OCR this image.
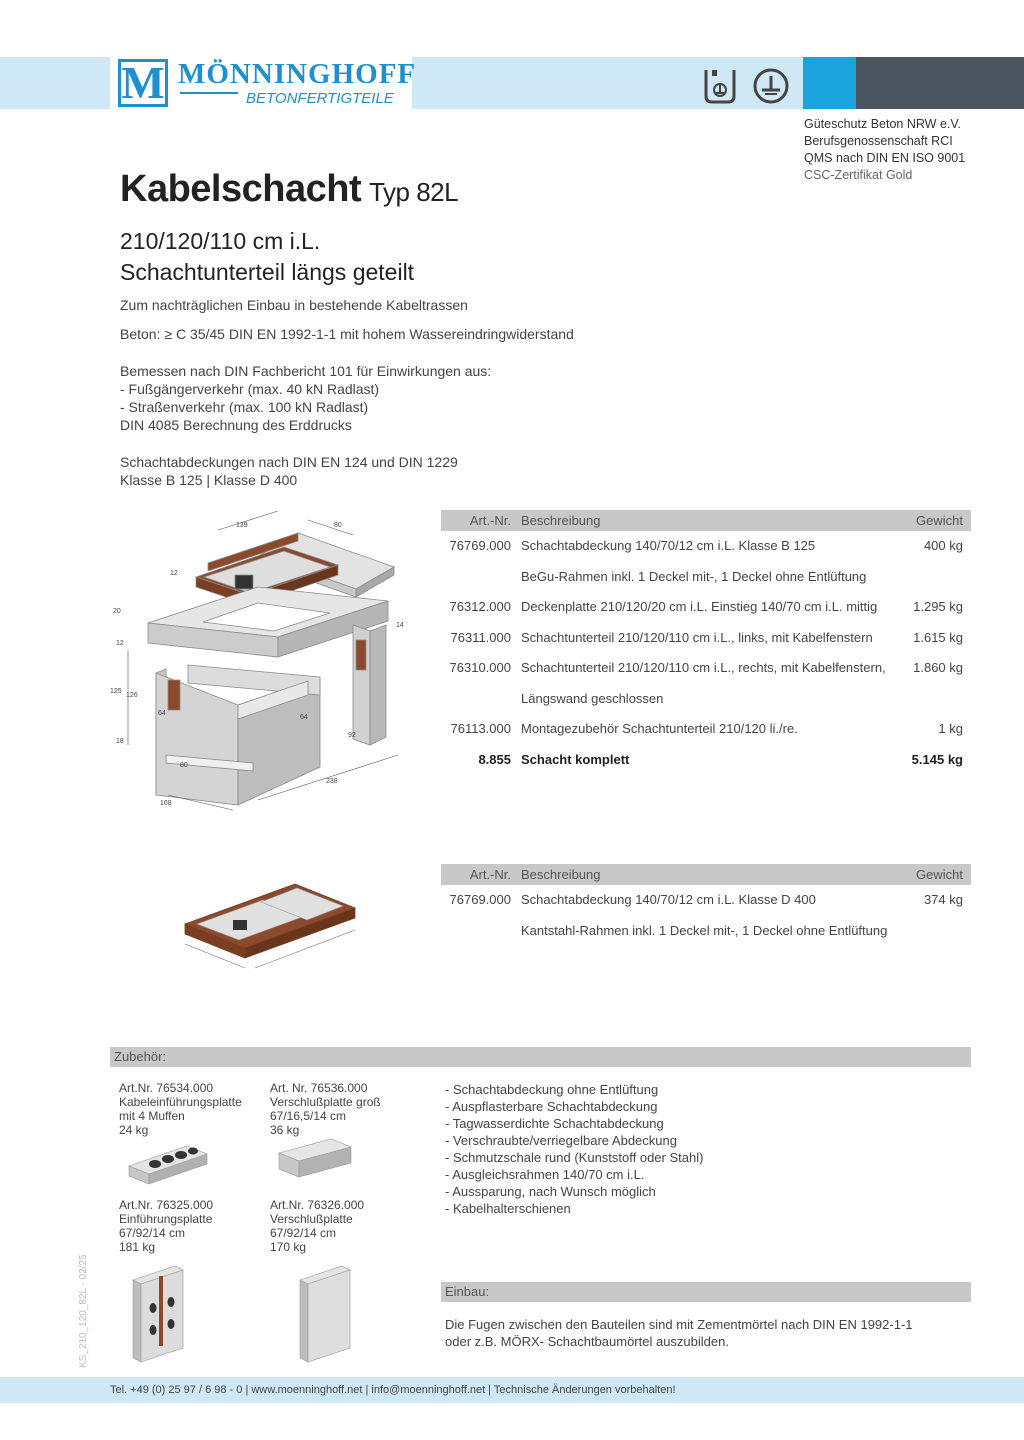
M MÖNNINGHOFF
BETONFERTIGTEILE
Güteschutz Beton NRW e.V.
Berufsgenossenschaft RCI
QMS nach DIN EN ISO 9001
CSC-Zertifikat Gold
Kabelschacht Typ 82L
210/120/110 cm i.L.
Schachtunterteil längs geteilt
Zum nachträglichen Einbau in bestehende Kabeltrassen
Beton: ≥ C 35/45 DIN EN 1992-1-1 mit hohem Wassereindringwiderstand
Bemessen nach DIN Fachbericht 101 für Einwirkungen aus:
- Fußgängerverkehr (max. 40 kN Radlast)
- Straßenverkehr (max. 100 kN Radlast)
DIN 4085 Berechnung des Erddrucks
Schachtabdeckungen nach DIN EN 124 und DIN 1229
Klasse B 125 | Klasse D 400
139	80
12
20
12
14
125
126
64
64
92
18
238
168
80
Art.-Nr. Beschreibung	Gewicht
76769.000 Schachtabdeckung 140/70/12 cm i.L. Klasse B 125	400 kg
BeGu-Rahmen inkl. 1 Deckel mit-, 1 Deckel ohne Entlüftung
76312.000 Deckenplatte 210/120/20 cm i.L. Einstieg 140/70 cm i.L. mittig	1.295 kg
76311.000 Schachtunterteil 210/120/110 cm i.L., links, mit Kabelfenstern	1.615 kg
76310.000 Schachtunterteil 210/120/110 cm i.L., rechts, mit Kabelfenstern, 1.860 kg
Längswand geschlossen
76113.000 Montagezubehör Schachtunterteil 210/120 li./re.	1 kg
8.855 Schacht komplett	5.145 kg
Art.-Nr. Beschreibung	Gewicht
76769.000 Schachtabdeckung 140/70/12 cm i.L. Klasse D 400	374 kg
Kantstahl-Rahmen inkl. 1 Deckel mit-, 1 Deckel ohne Entlüftung
Zubehör:
Art.Nr. 76534.000
Kabeleinführungsplatte
mit 4 Muffen
24 kg
Art. Nr. 76536.000
Verschlußplatte groß
67/16,5/14 cm
36 kg
Art.Nr. 76325.000
Einführungsplatte
67/92/14 cm
181 kg
Art.Nr. 76326.000
Verschlußplatte
67/92/14 cm
170 kg
- Schachtabdeckung ohne Entlüftung
- Auspflasterbare Schachtabdeckung
- Tagwasserdichte Schachtabdeckung
- Verschraubte/verriegelbare Abdeckung
- Schmutzschale rund (Kunststoff oder Stahl)
- Ausgleichsrahmen 140/70 cm i.L.
- Aussparung, nach Wunsch möglich
- Kabelhalterschienen
Einbau:
Die Fugen zwischen den Bauteilen sind mit Zementmörtel nach DIN EN 1992-1-1
oder z.B. MÖRX- Schachtbaumörtel auszubilden.
KS_210_120_82L - 02/25
Tel. +49 (0) 25 97 / 6 98 - 0 | www.moenninghoff.net | info@moenninghoff.net | Technische Änderungen vorbehalten!
